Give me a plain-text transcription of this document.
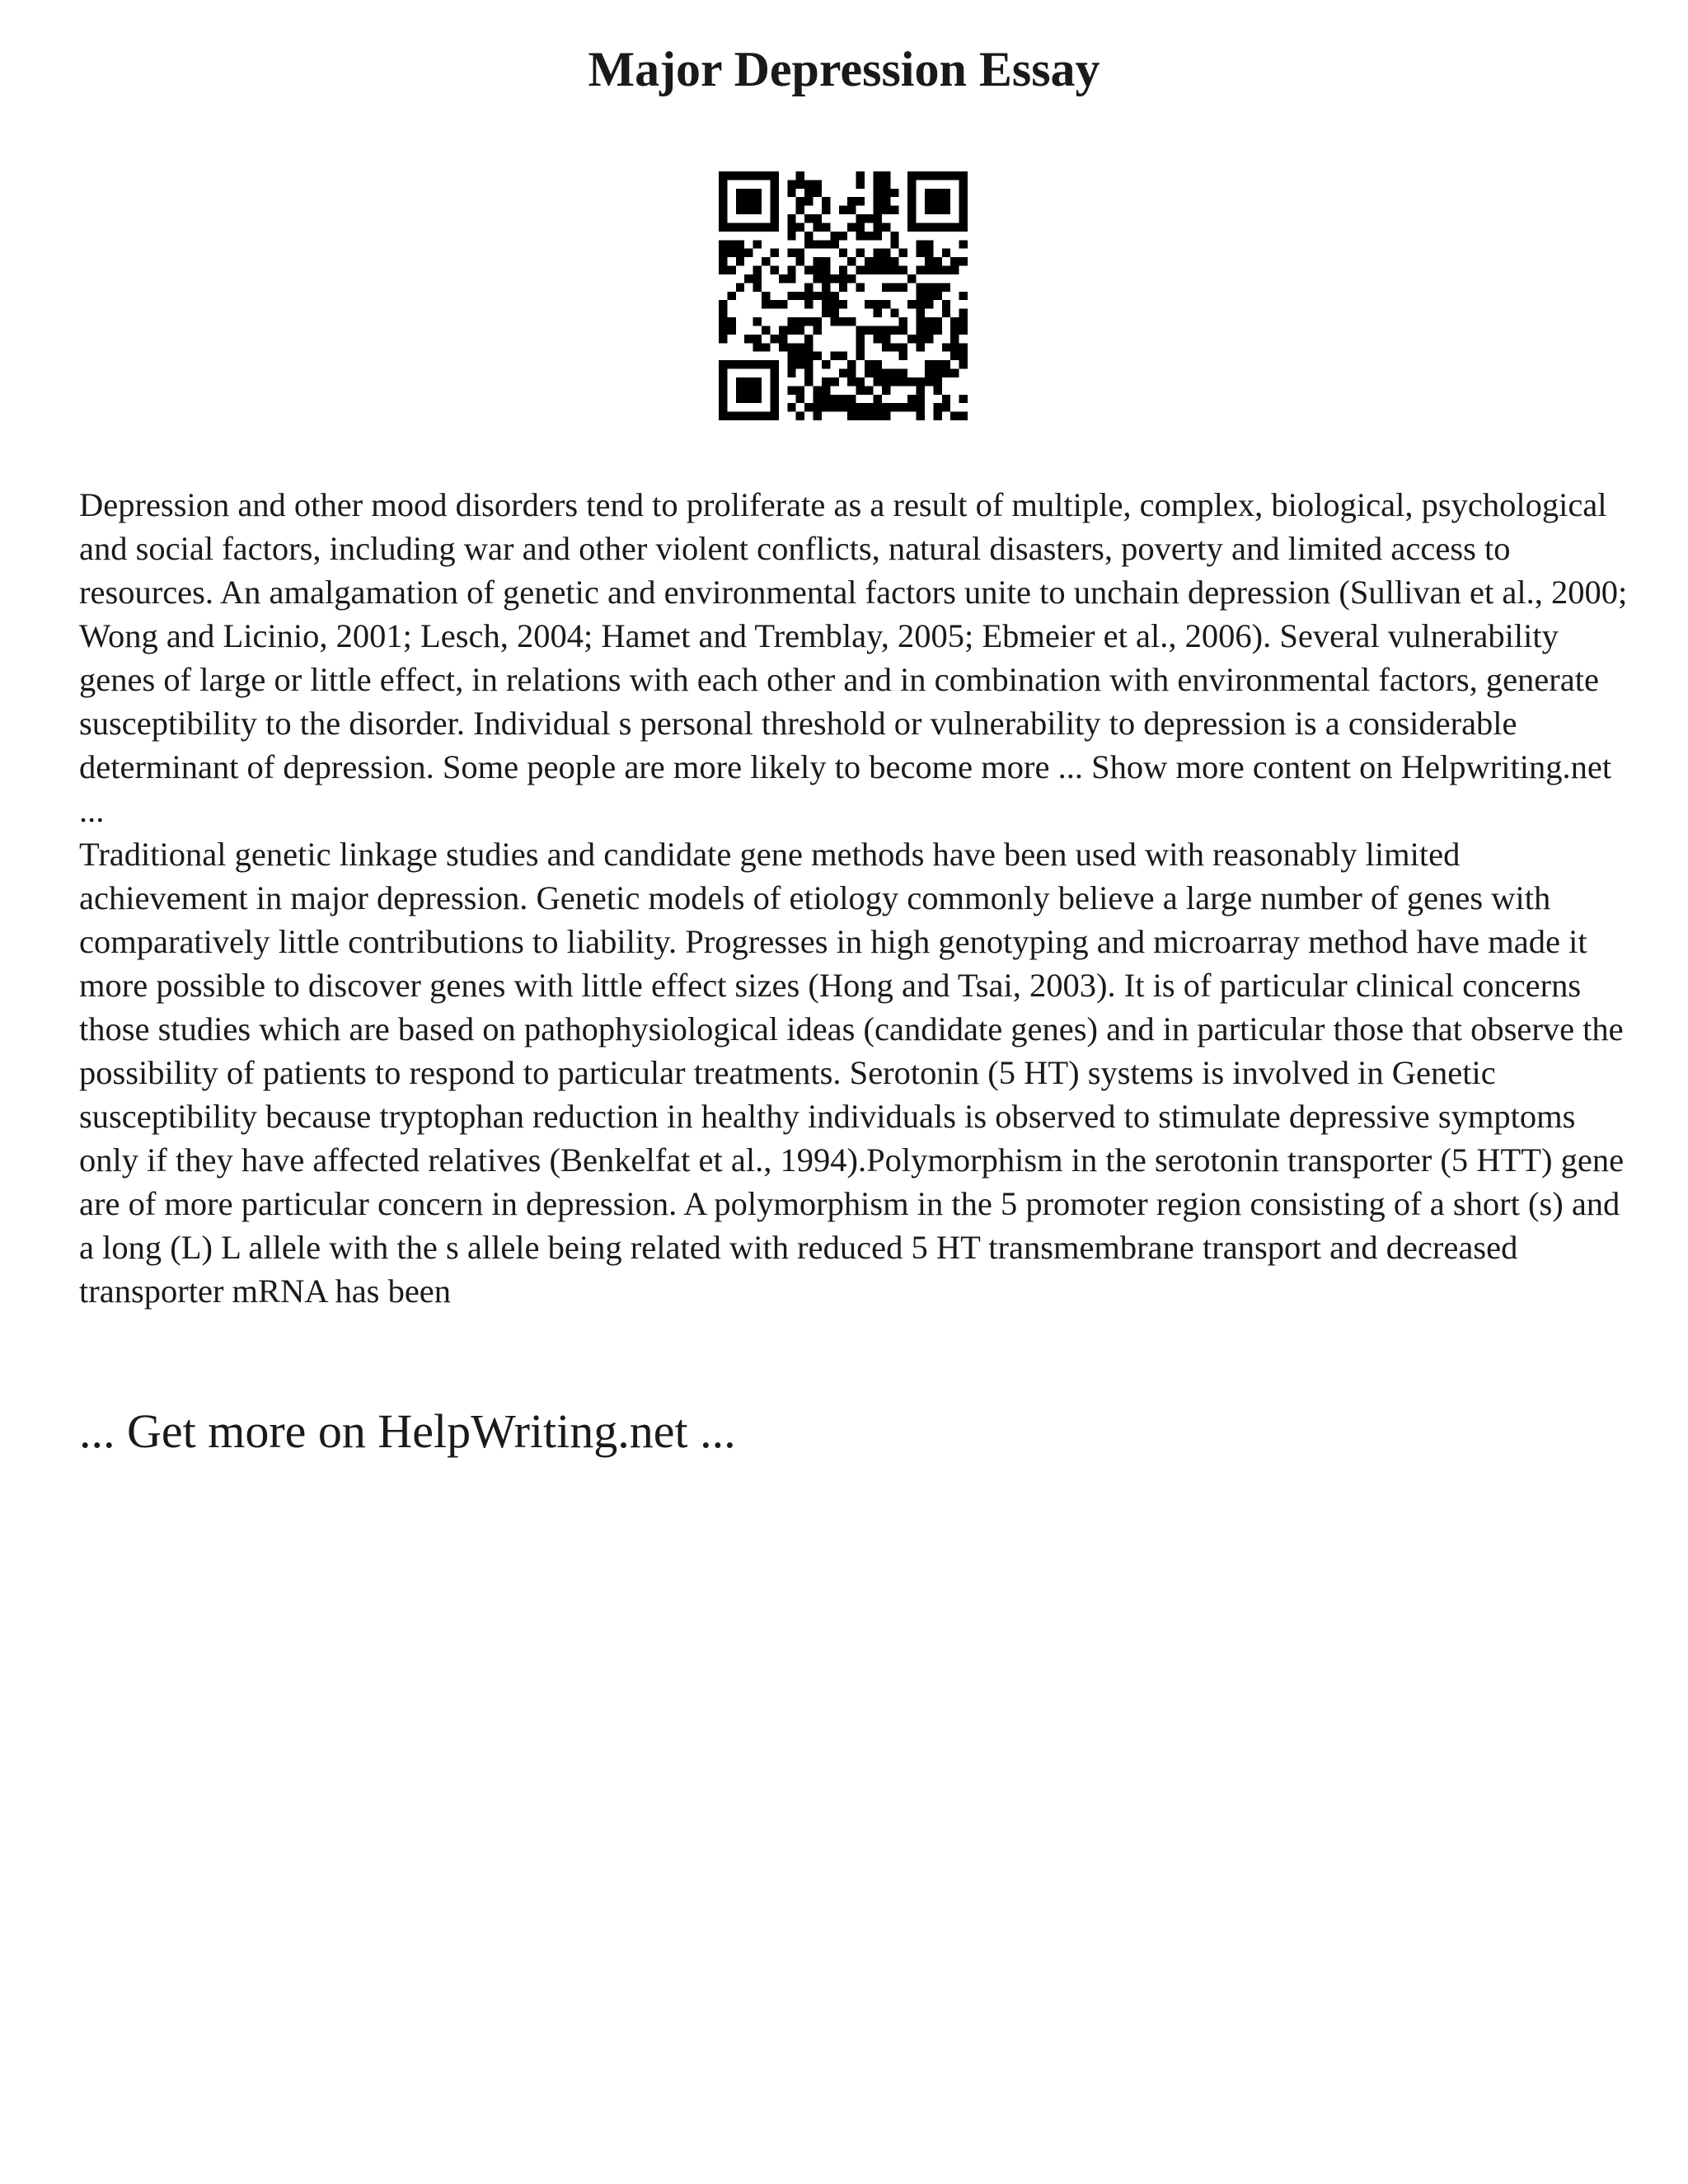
Major Depression Essay

Depression and other mood disorders tend to proliferate as a result of multiple, complex, biological, psychological and social factors, including war and other violent conflicts, natural disasters, poverty and limited access to resources. An amalgamation of genetic and environmental factors unite to unchain depression (Sullivan et al., 2000; Wong and Licinio, 2001; Lesch, 2004; Hamet and Tremblay, 2005; Ebmeier et al., 2006). Several vulnerability genes of large or little effect, in relations with each other and in combination with environmental factors, generate susceptibility to the disorder. Individual s personal threshold or vulnerability to depression is a considerable determinant of depression. Some people are more likely to become more ... Show more content on Helpwriting.net ...

Traditional genetic linkage studies and candidate gene methods have been used with reasonably limited achievement in major depression. Genetic models of etiology commonly believe a large number of genes with comparatively little contributions to liability. Progresses in high genotyping and microarray method have made it more possible to discover genes with little effect sizes (Hong and Tsai, 2003). It is of particular clinical concerns those studies which are based on pathophysiological ideas (candidate genes) and in particular those that observe the possibility of patients to respond to particular treatments. Serotonin (5 HT) systems is involved in Genetic susceptibility because tryptophan reduction in healthy individuals is observed to stimulate depressive symptoms only if they have affected relatives (Benkelfat et al., 1994).Polymorphism in the serotonin transporter (5 HTT) gene are of more particular concern in depression. A polymorphism in the 5 promoter region consisting of a short (s) and a long (L) L allele with the s allele being related with reduced 5 HT transmembrane transport and decreased transporter mRNA has been

... Get more on HelpWriting.net ...
